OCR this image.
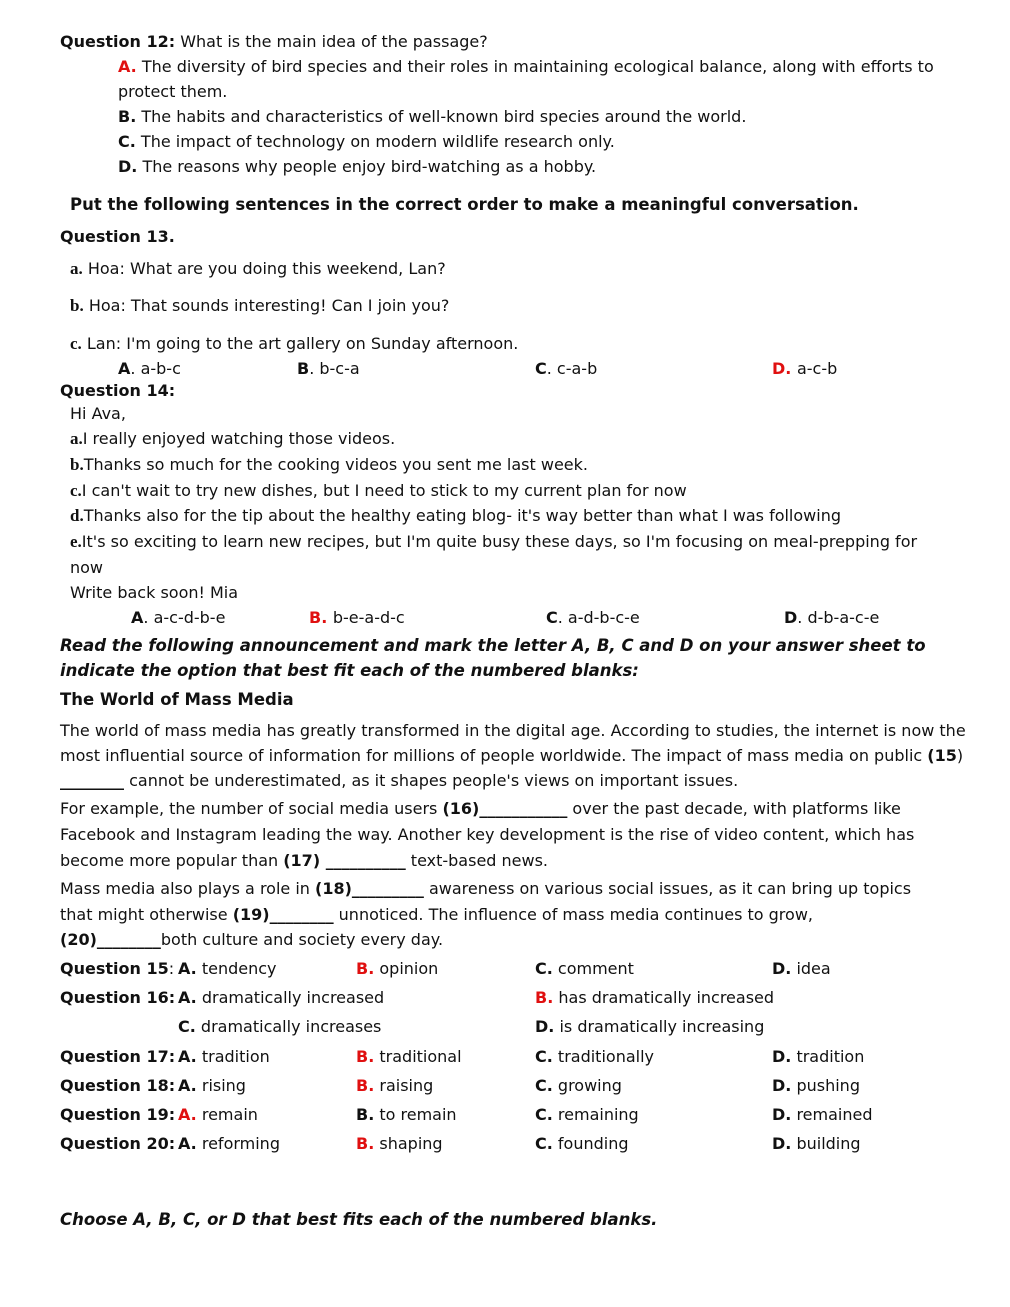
Question 12: What is the main idea of the passage?
A. The diversity of bird species and their roles in maintaining ecological balance, along with efforts to
protect them.
B. The habits and characteristics of well-known bird species around the world.
C. The impact of technology on modern wildlife research only.
D. The reasons why people enjoy bird-watching as a hobby.
Put the following sentences in the correct order to make a meaningful conversation.
Question 13.
a. Hoa: What are you doing this weekend, Lan?
b. Hoa: That sounds interesting! Can I join you?
c. Lan: I'm going to the art gallery on Sunday afternoon.
A. a-b-c	B. b-c-a	C. c-a-b	D. a-c-b
Question 14:
Hi Ava,
a.I really enjoyed watching those videos.
b.Thanks so much for the cooking videos you sent me last week.
c.I can't wait to try new dishes, but I need to stick to my current plan for now
d.Thanks also for the tip about the healthy eating blog- it's way better than what I was following
e.It's so exciting to learn new recipes, but I'm quite busy these days, so I'm focusing on meal-prepping for
now
Write back soon! Mia
A. a-c-d-b-e	B. b-e-a-d-c	C. a-d-b-c-e	D. d-b-a-c-e
Read the following announcement and mark the letter A, B, C and D on your answer sheet to
indicate the option that best fit each of the numbered blanks:
The World of Mass Media
The world of mass media has greatly transformed in the digital age. According to studies, the internet is now the
most influential source of information for millions of people worldwide. The impact of mass media on public (15)
________ cannot be underestimated, as it shapes people's views on important issues.
For example, the number of social media users (16)___________ over the past decade, with platforms like
Facebook and Instagram leading the way. Another key development is the rise of video content, which has
become more popular than (17) __________ text-based news.
Mass media also plays a role in (18)_________ awareness on various social issues, as it can bring up topics
that might otherwise (19)________ unnoticed. The influence of mass media continues to grow,
(20)________both culture and society every day.
Question 15: A. tendency	B. opinion	C. comment	D. idea
Question 16: A. dramatically increased	B. has dramatically increased
C. dramatically increases	D. is dramatically increasing
Question 17: A. tradition	B. traditional	C. traditionally	D. tradition
Question 18: A. rising	B. raising	C. growing	D. pushing
Question 19: A. remain	B. to remain	C. remaining	D. remained
Question 20: A. reforming	B. shaping	C. founding	D. building
Choose A, B, C, or D that best fits each of the numbered blanks.
